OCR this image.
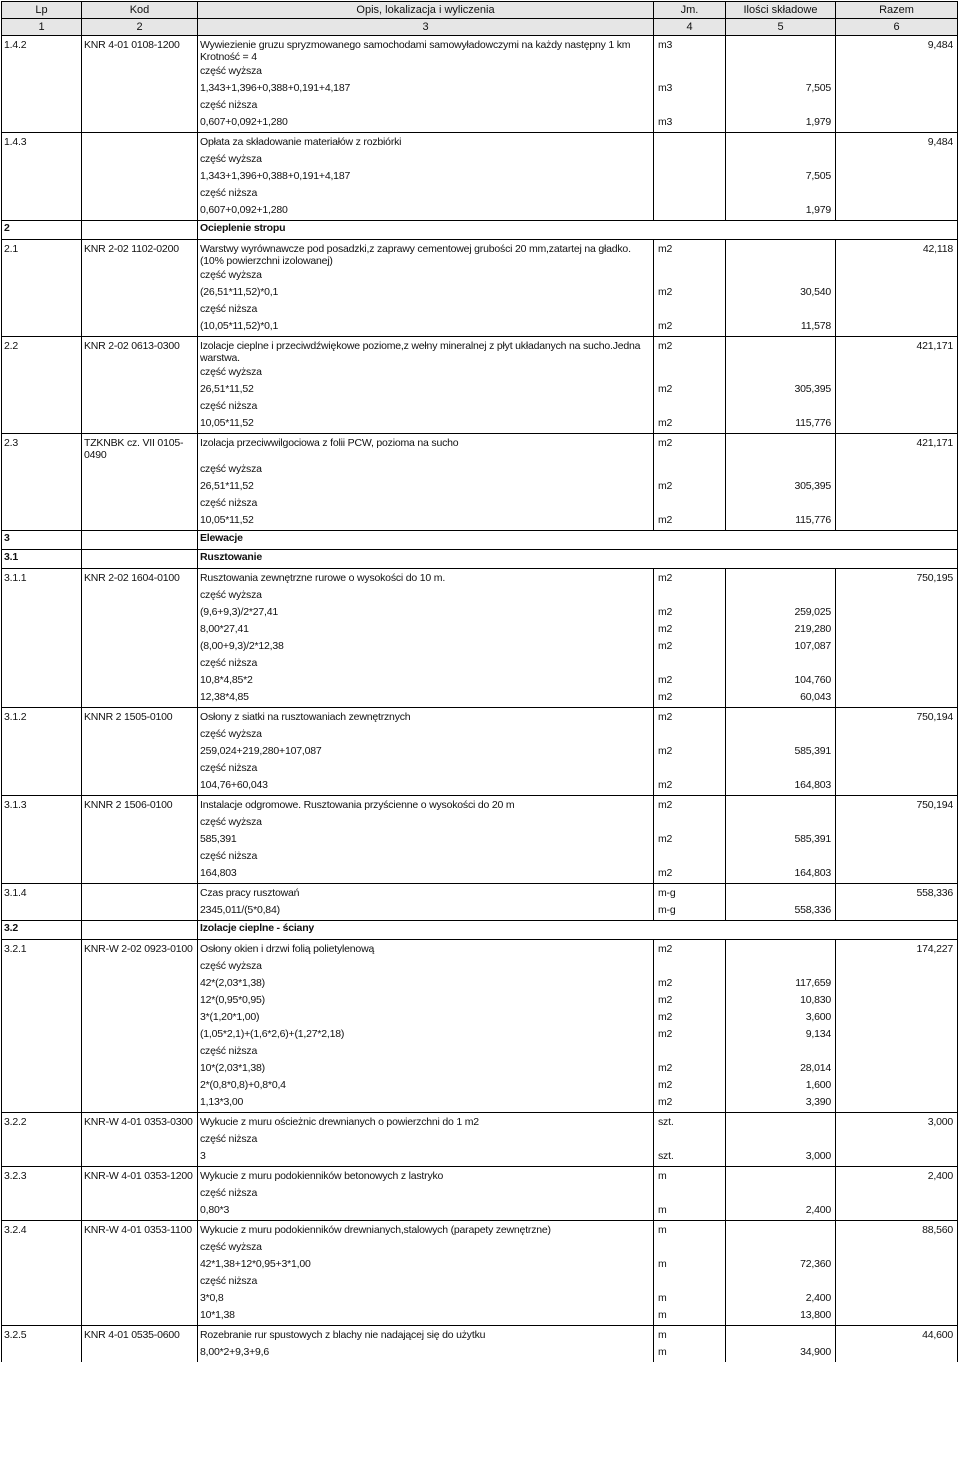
Lp	Kod	Opis, lokalizacja i wyliczenia	Jm.	Ilości składowe	Razem
1	2	3	4	5	6
1.4.2	KNR 4-01 0108-1200	Wywiezienie gruzu spryzmowanego samochodami samowyładowczymi na każdy następny 1 km Krotność = 4	m3		9,484
		część wyższa			
		1,343+1,396+0,388+0,191+4,187	m3	7,505	
		część niższa			
		0,607+0,092+1,280	m3	1,979	
1.4.3		Opłata za składowanie materiałów z rozbiórki			9,484
		część wyższa			
		1,343+1,396+0,388+0,191+4,187		7,505	
		część niższa			
		0,607+0,092+1,280		1,979	
2		Ocieplenie stropu			
2.1	KNR 2-02 1102-0200	Warstwy wyrównawcze pod posadzki,z zaprawy cementowej grubości 20 mm,zatartej na gładko. (10% powierzchni izolowanej)	m2		42,118
		część wyższa			
		(26,51*11,52)*0,1	m2	30,540	
		część niższa			
		(10,05*11,52)*0,1	m2	11,578	
2.2	KNR 2-02 0613-0300	Izolacje cieplne i przeciwdźwiękowe poziome,z wełny mineralnej z płyt układanych na sucho.Jedna warstwa.	m2		421,171
		część wyższa			
		26,51*11,52	m2	305,395	
		część niższa			
		10,05*11,52	m2	115,776	
2.3	TZKNBK cz. VII 0105-0490	Izolacja przeciwwilgociowa z folii PCW, pozioma na sucho	m2		421,171
		część wyższa			
		26,51*11,52	m2	305,395	
		część niższa			
		10,05*11,52	m2	115,776	
3		Elewacje			
3.1		Rusztowanie			
3.1.1	KNR 2-02 1604-0100	Rusztowania zewnętrzne rurowe o wysokości do 10 m.	m2		750,195
		część wyższa			
		(9,6+9,3)/2*27,41	m2	259,025	
		8,00*27,41	m2	219,280	
		(8,00+9,3)/2*12,38	m2	107,087	
		część niższa			
		10,8*4,85*2	m2	104,760	
		12,38*4,85	m2	60,043	
3.1.2	KNNR 2 1505-0100	Osłony z siatki na rusztowaniach zewnętrznych	m2		750,194
		część wyższa			
		259,024+219,280+107,087	m2	585,391	
		część niższa			
		104,76+60,043	m2	164,803	
3.1.3	KNNR 2 1506-0100	Instalacje odgromowe. Rusztowania przyścienne o wysokości do 20 m	m2		750,194
		część wyższa			
		585,391	m2	585,391	
		część niższa			
		164,803	m2	164,803	
3.1.4		Czas pracy rusztowań	m-g		558,336
		2345,011/(5*0,84)	m-g	558,336	
3.2		Izolacje cieplne - ściany			
3.2.1	KNR-W 2-02 0923-0100	Osłony okien i drzwi folią polietylenową	m2		174,227
		część wyższa			
		42*(2,03*1,38)	m2	117,659	
		12*(0,95*0,95)	m2	10,830	
		3*(1,20*1,00)	m2	3,600	
		(1,05*2,1)+(1,6*2,6)+(1,27*2,18)	m2	9,134	
		część niższa			
		10*(2,03*1,38)	m2	28,014	
		2*(0,8*0,8)+0,8*0,4	m2	1,600	
		1,13*3,00	m2	3,390	
3.2.2	KNR-W 4-01 0353-0300	Wykucie z muru ościeżnic drewnianych o powierzchni do 1 m2	szt.		3,000
		część niższa			
		3	szt.	3,000	
3.2.3	KNR-W 4-01 0353-1200	Wykucie z muru podokienników betonowych z lastryko	m		2,400
		część niższa			
		0,80*3	m	2,400	
3.2.4	KNR-W 4-01 0353-1100	Wykucie z muru podokienników drewnianych,stalowych (parapety zewnętrzne)	m		88,560
		część wyższa			
		42*1,38+12*0,95+3*1,00	m	72,360	
		część niższa			
		3*0,8	m	2,400	
		10*1,38	m	13,800	
3.2.5	KNR 4-01 0535-0600	Rozebranie rur spustowych z blachy nie nadającej się do użytku	m		44,600
		8,00*2+9,3+9,6	m	34,900	
